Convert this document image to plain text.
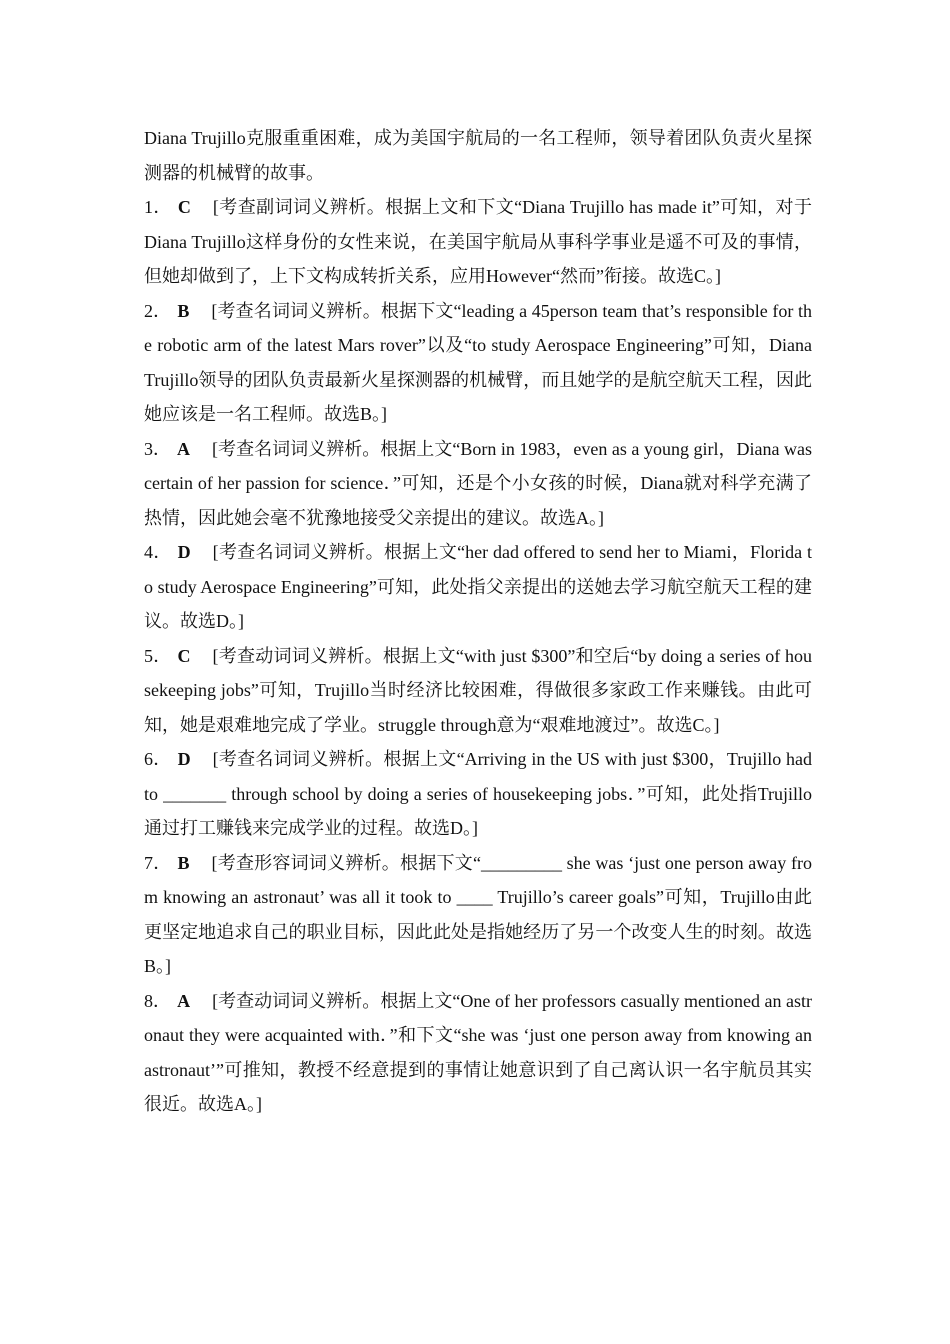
Diana Trujillo克服重重困难，成为美国宇航局的一名工程师，领导着团队负责火星探测器的机械臂的故事。

1． C [考查副词词义辨析。根据上文和下文“Diana Trujillo has made it”可知，对于Diana Trujillo这样身份的女性来说，在美国宇航局从事科学事业是遥不可及的事情，但她却做到了，上下文构成转折关系，应用However“然而”衔接。故选C。]

2． B [考查名词词义辨析。根据下文“leading a 45person team that’s responsible for the robotic arm of the latest Mars rover”以及“to study Aerospace Engineering”可知，Diana Trujillo领导的团队负责最新火星探测器的机械臂，而且她学的是航空航天工程，因此她应该是一名工程师。故选B。]

3． A [考查名词词义辨析。根据上文“Born in 1983，even as a young girl，Diana was certain of her passion for science．”可知，还是个小女孩的时候，Diana就对科学充满了热情，因此她会毫不犹豫地接受父亲提出的建议。故选A。]

4． D [考查名词词义辨析。根据上文“her dad offered to send her to Miami，Florida to study Aerospace Engineering”可知，此处指父亲提出的送她去学习航空航天工程的建议。故选D。]

5． C [考查动词词义辨析。根据上文“with just $300”和空后“by doing a series of housekeeping jobs”可知，Trujillo当时经济比较困难，得做很多家政工作来赚钱。由此可知，她是艰难地完成了学业。struggle through意为“艰难地渡过”。故选C。]

6． D [考查名词词义辨析。根据上文“Arriving in the US with just $300，Trujillo had to _______ through school by doing a series of housekeeping jobs．”可知，此处指Trujillo通过打工赚钱来完成学业的过程。故选D。]

7． B [考查形容词词义辨析。根据下文“_________ she was ‘just one person away from knowing an astronaut’ was all it took to ____ Trujillo’s career goals”可知，Trujillo由此更坚定地追求自己的职业目标，因此此处是指她经历了另一个改变人生的时刻。故选B。]

8． A [考查动词词义辨析。根据上文“One of her professors casually mentioned an astronaut they were acquainted with．”和下文“she was ‘just one person away from knowing an astronaut’”可推知，教授不经意提到的事情让她意识到了自己离认识一名宇航员其实很近。故选A。]
